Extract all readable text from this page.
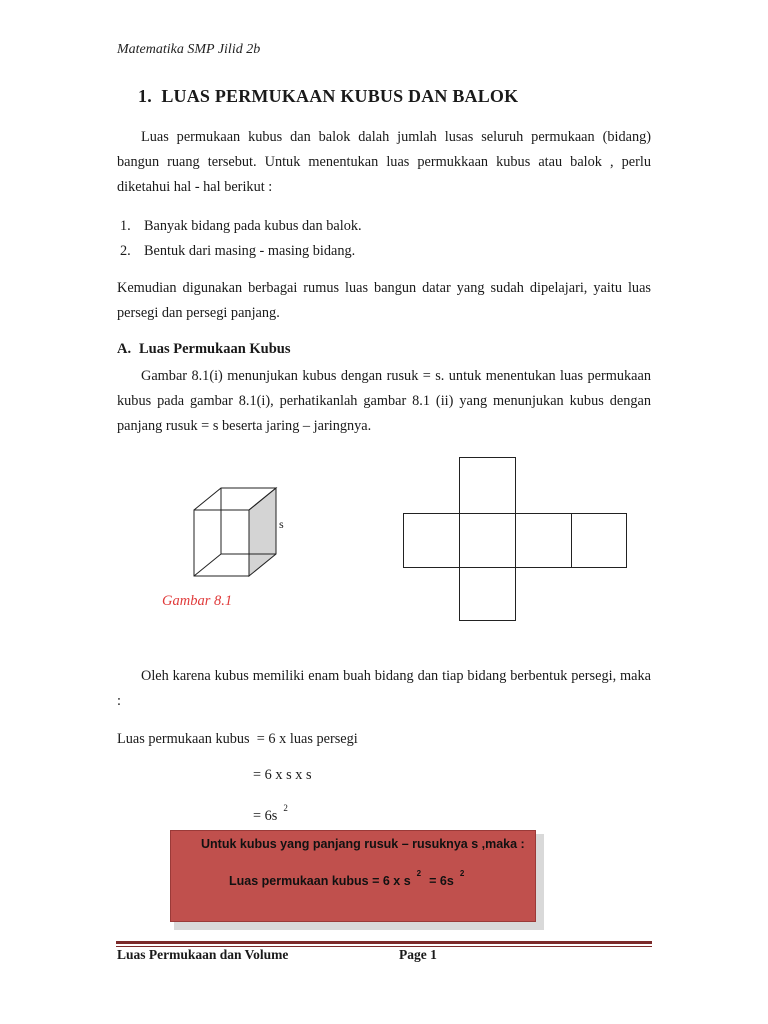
Matematika SMP Jilid 2b
1. LUAS PERMUKAAN KUBUS DAN BALOK
Luas permukaan kubus dan balok dalah jumlah lusas seluruh permukaan (bidang) bangun ruang tersebut. Untuk menentukan luas permukkaan kubus atau balok , perlu diketahui hal - hal berikut :
1. Banyak bidang pada kubus dan balok.
2. Bentuk dari masing - masing bidang.
Kemudian digunakan berbagai rumus luas bangun datar yang sudah dipelajari, yaitu luas persegi dan persegi panjang.
A. Luas Permukaan Kubus
Gambar 8.1(i) menunjukan kubus dengan rusuk = s. untuk menentukan luas permukaan kubus pada gambar 8.1(i), perhatikanlah gambar 8.1 (ii) yang menunjukan kubus dengan panjang rusuk = s beserta jaring – jaringnya.
s
Gambar 8.1
Oleh karena kubus memiliki enam buah bidang dan tiap bidang berbentuk persegi, maka :
Luas permukaan kubus = 6 x luas persegi
= 6 x s x s
= 6s $^2$
Untuk kubus yang panjang rusuk – rusuknya s ,maka :
Luas permukaan kubus = 6 x $s^2= 6s^2$
Luas Permukaan dan Volume	Page 1
